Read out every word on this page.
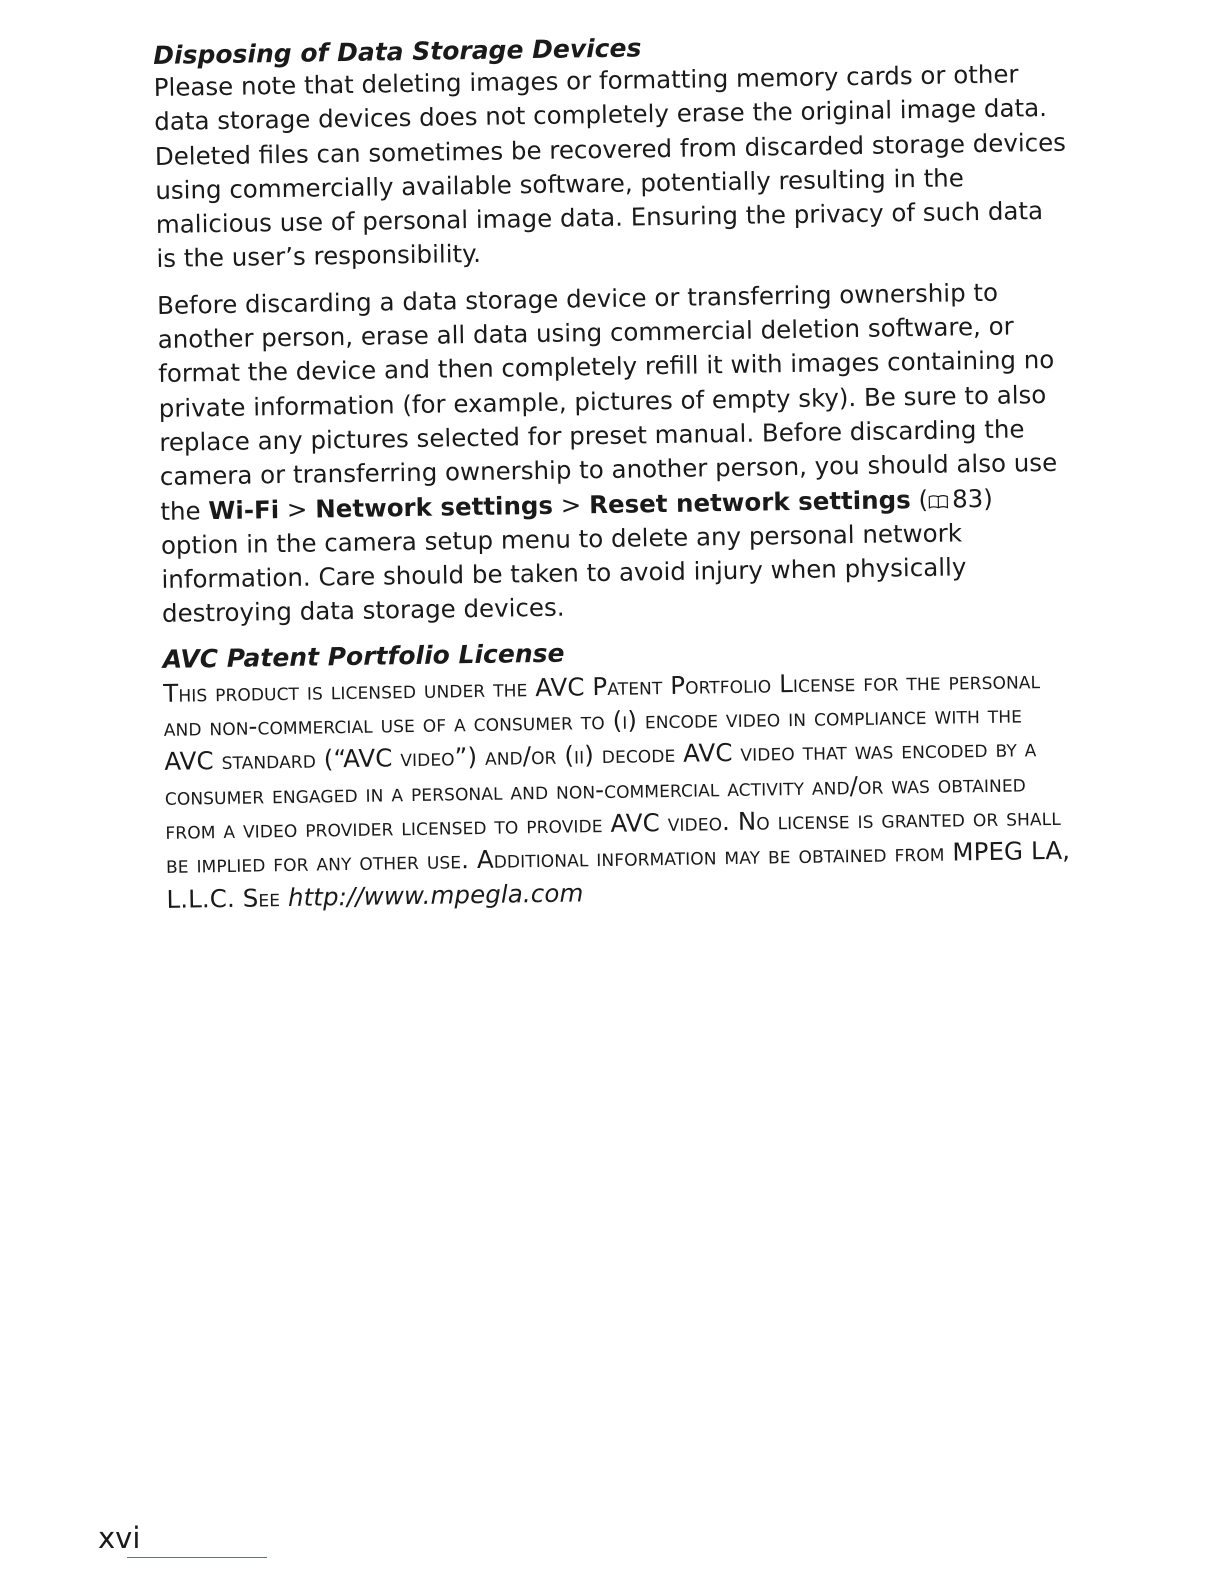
Disposing of Data Storage Devices

Please note that deleting images or formatting memory cards or other data storage devices does not completely erase the original image data. Deleted files can sometimes be recovered from discarded storage devices using commercially available software, potentially resulting in the malicious use of personal image data. Ensuring the privacy of such data is the user’s responsibility.

Before discarding a data storage device or transferring ownership to another person, erase all data using commercial deletion software, or format the device and then completely refill it with images containing no private information (for example, pictures of empty sky). Be sure to also replace any pictures selected for preset manual. Before discarding the camera or transferring ownership to another person, you should also use the Wi-Fi > Network settings > Reset network settings ( 83) option in the camera setup menu to delete any personal network information. Care should be taken to avoid injury when physically destroying data storage devices.

AVC Patent Portfolio License

This product is licensed under the AVC Patent Portfolio License for the personal and non-commercial use of a consumer to (i) encode video in compliance with the AVC standard (“AVC video”) and/or (ii) decode AVC video that was encoded by a consumer engaged in a personal and non-commercial activity and/or was obtained from a video provider licensed to provide AVC video. No license is granted or shall be implied for any other use. Additional information may be obtained from MPEG LA, L.L.C. See http://www.mpegla.com

xvi
